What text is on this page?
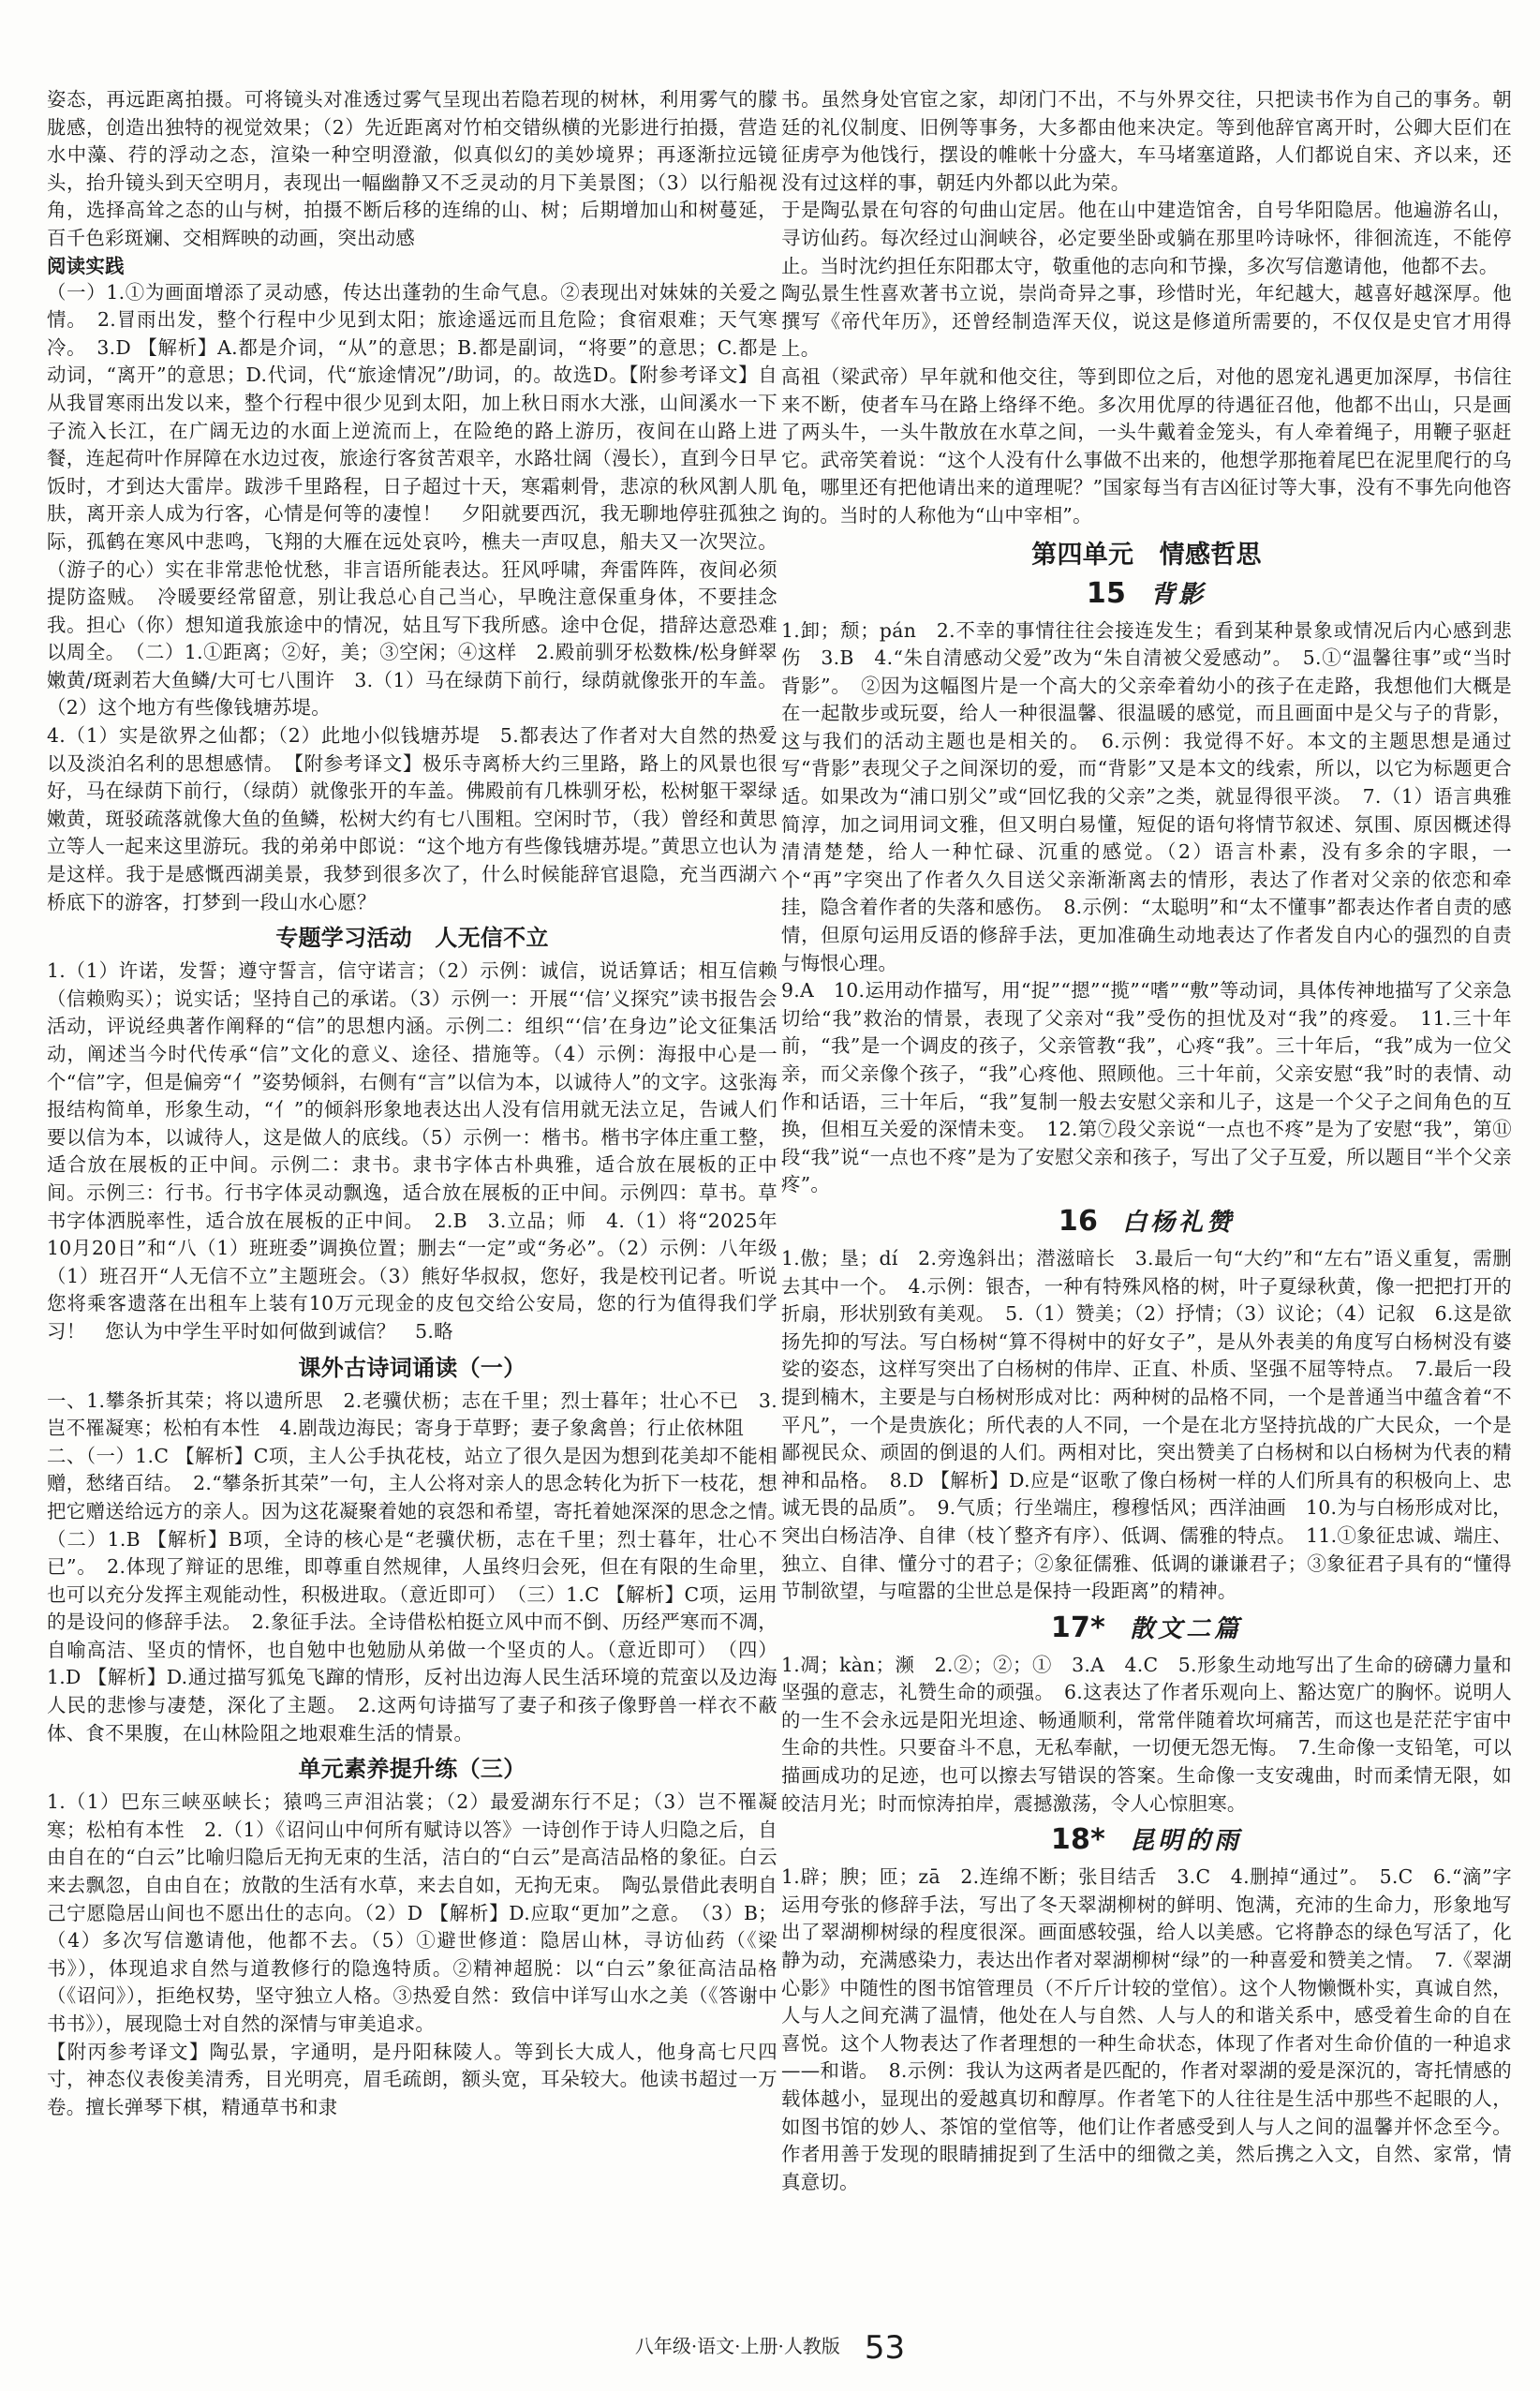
姿态，再远距离拍摄。可将镜头对准透过雾气呈现出若隐若现的树林，利用雾气的朦胧感，创造出独特的视觉效果；（2）先近距离对竹柏交错纵横的光影进行拍摄，营造水中藻、荇的浮动之态，渲染一种空明澄澈，似真似幻的美妙境界；再逐渐拉远镜头，抬升镜头到天空明月，表现出一幅幽静又不乏灵动的月下美景图；（3）以行船视角，选择高耸之态的山与树，拍摄不断后移的连绵的山、树；后期增加山和树蔓延，百千色彩斑斓、交相辉映的动画，突出动感

阅读实践

（一）1.①为画面增添了灵动感，传达出蓬勃的生命气息。②表现出对妹妹的关爱之情。　2.冒雨出发，整个行程中少见到太阳；旅途遥远而且危险；食宿艰难；天气寒冷。　3.D 【解析】A.都是介词，“从”的意思；B.都是副词，“将要”的意思；C.都是动词，“离开”的意思；D.代词，代“旅途情况”/助词，的。故选D。【附参考译文】自从我冒寒雨出发以来，整个行程中很少见到太阳，加上秋日雨水大涨，山间溪水一下子流入长江，在广阔无边的水面上逆流而上，在险绝的路上游历，夜间在山路上进餐，连起荷叶作屏障在水边过夜，旅途行客贫苦艰辛，水路壮阔（漫长），直到今日早饭时，才到达大雷岸。跋涉千里路程，日子超过十天，寒霜刺骨，悲凉的秋风割人肌肤，离开亲人成为行客，心情是何等的凄惶！　夕阳就要西沉，我无聊地停驻孤独之际，孤鹤在寒风中悲鸣，飞翔的大雁在远处哀吟，樵夫一声叹息，船夫又一次哭泣。（游子的心）实在非常悲怆忧愁，非言语所能表达。狂风呼啸，奔雷阵阵，夜间必须提防盗贼。　冷暖要经常留意，别让我总心自己当心，早晚注意保重身体，不要挂念我。担心（你）想知道我旅途中的情况，姑且写下我所感。途中仓促，措辞达意恐难以周全。　（二）1.①距离；②好，美；③空闲；④这样　2.殿前驯牙松数株/松身鲜翠嫩黄/斑剥若大鱼鳞/大可七八围许　3.（1）马在绿荫下前行，绿荫就像张开的车盖。（2）这个地方有些像钱塘苏堤。

4.（1）实是欲界之仙都；（2）此地小似钱塘苏堤　5.都表达了作者对大自然的热爱以及淡泊名利的思想感情。　【附参考译文】极乐寺离桥大约三里路，路上的风景也很好，马在绿荫下前行，（绿荫）就像张开的车盖。佛殿前有几株驯牙松，松树躯干翠绿嫩黄，斑驳疏落就像大鱼的鱼鳞，松树大约有七八围粗。空闲时节，（我）曾经和黄思立等人一起来这里游玩。我的弟弟中郎说：“这个地方有些像钱塘苏堤。”黄思立也认为是这样。我于是感慨西湖美景，我梦到很多次了，什么时候能辞官退隐，充当西湖六桥底下的游客，打梦到一段山水心愿？

专题学习活动　人无信不立

1.（1）许诺，发誓；遵守誓言，信守诺言；（2）示例：诚信，说话算话；相互信赖（信赖购买）；说实话；坚持自己的承诺。（3）示例一：开展“‘信’义探究”读书报告会活动，评说经典著作阐释的“信”的思想内涵。示例二：组织“‘信’在身边”论文征集活动，阐述当今时代传承“信”文化的意义、途径、措施等。（4）示例：海报中心是一个“信”字，但是偏旁“亻”姿势倾斜，右侧有“言”以信为本，以诚待人”的文字。这张海报结构简单，形象生动，“亻”的倾斜形象地表达出人没有信用就无法立足，告诫人们要以信为本，以诚待人，这是做人的底线。（5）示例一：楷书。楷书字体庄重工整，适合放在展板的正中间。示例二：隶书。隶书字体古朴典雅，适合放在展板的正中间。示例三：行书。行书字体灵动飘逸，适合放在展板的正中间。示例四：草书。草书字体洒脱率性，适合放在展板的正中间。　2.B　3.立品；师　4.（1）将“2025年10月20日”和“八（1）班班委”调换位置；删去“一定”或“务必”。（2）示例：八年级（1）班召开“人无信不立”主题班会。（3）熊好华叔叔，您好，我是校刊记者。听说您将乘客遗落在出租车上装有10万元现金的皮包交给公安局，您的行为值得我们学习！　您认为中学生平时如何做到诚信？　5.略

课外古诗词诵读（一）

一、1.攀条折其荣；将以遗所思　2.老骥伏枥；志在千里；烈士暮年；壮心不已　3.岂不罹凝寒；松柏有本性　4.剧哉边海民；寄身于草野；妻子象禽兽；行止依林阻

二、（一）1.C 【解析】C项，主人公手执花枝，站立了很久是因为想到花美却不能相赠，愁绪百结。　2.“攀条折其荣”一句，主人公将对亲人的思念转化为折下一枝花，想把它赠送给远方的亲人。因为这花凝聚着她的哀怨和希望，寄托着她深深的思念之情。　（二）1.B 【解析】B项，全诗的核心是“老骥伏枥，志在千里；烈士暮年，壮心不已”。　2.体现了辩证的思维，即尊重自然规律，人虽终归会死，但在有限的生命里，也可以充分发挥主观能动性，积极进取。（意近即可）　（三）1.C 【解析】C项，运用的是设问的修辞手法。　2.象征手法。全诗借松柏挺立风中而不倒、历经严寒而不凋，自喻高洁、坚贞的情怀，也自勉中也勉励从弟做一个坚贞的人。（意近即可）　（四）1.D 【解析】D.通过描写狐兔飞蹿的情形，反衬出边海人民生活环境的荒蛮以及边海人民的悲惨与凄楚，深化了主题。　2.这两句诗描写了妻子和孩子像野兽一样衣不蔽体、食不果腹，在山林险阻之地艰难生活的情景。

单元素养提升练（三）

1.（1）巴东三峡巫峡长；猿鸣三声泪沾裳；（2）最爱湖东行不足；（3）岂不罹凝寒；松柏有本性　2.（1）《诏问山中何所有赋诗以答》一诗创作于诗人归隐之后，自由自在的“白云”比喻归隐后无拘无束的生活，洁白的“白云”是高洁品格的象征。白云来去飘忽，自由自在；放散的生活有水草，来去自如，无拘无束。　陶弘景借此表明自己宁愿隐居山间也不愿出仕的志向。（2）D 【解析】D.应取“更加”之意。　（3）B；（4）多次写信邀请他，他都不去。（5）①避世修道：隐居山林，寻访仙药（《梁书》），体现追求自然与道教修行的隐逸特质。②精神超脱：以“白云”象征高洁品格（《诏问》），拒绝权势，坚守独立人格。③热爱自然：致信中详写山水之美（《答谢中书书》），展现隐士对自然的深情与审美追求。

【附丙参考译文】陶弘景，字通明，是丹阳秣陵人。等到长大成人，他身高七尺四寸，神态仪表俊美清秀，目光明亮，眉毛疏朗，额头宽，耳朵较大。他读书超过一万卷。擅长弹琴下棋，精通草书和隶

书。虽然身处官宦之家，却闭门不出，不与外界交往，只把读书作为自己的事务。朝廷的礼仪制度、旧例等事务，大多都由他来决定。等到他辞官离开时，公卿大臣们在征虏亭为他饯行，摆设的帷帐十分盛大，车马堵塞道路，人们都说自宋、齐以来，还没有过这样的事，朝廷内外都以此为荣。

于是陶弘景在句容的句曲山定居。他在山中建造馆舍，自号华阳隐居。他遍游名山，寻访仙药。每次经过山涧峡谷，必定要坐卧或躺在那里吟诗咏怀，徘徊流连，不能停止。当时沈约担任东阳郡太守，敬重他的志向和节操，多次写信邀请他，他都不去。

陶弘景生性喜欢著书立说，崇尚奇异之事，珍惜时光，年纪越大，越喜好越深厚。他撰写《帝代年历》，还曾经制造浑天仪，说这是修道所需要的，不仅仅是史官才用得上。

高祖（梁武帝）早年就和他交往，等到即位之后，对他的恩宠礼遇更加深厚，书信往来不断，使者车马在路上络绎不绝。多次用优厚的待遇征召他，他都不出山，只是画了两头牛，一头牛散放在水草之间，一头牛戴着金笼头，有人牵着绳子，用鞭子驱赶它。武帝笑着说：“这个人没有什么事做不出来的，他想学那拖着尾巴在泥里爬行的乌龟，哪里还有把他请出来的道理呢？”国家每当有吉凶征讨等大事，没有不事先向他咨询的。当时的人称他为“山中宰相”。

第四单元　情感哲思
15 背影

1.卸；颓；pán　2.不幸的事情往往会接连发生；看到某种景象或情况后内心感到悲伤　3.B　4.“朱自清感动父爱”改为“朱自清被父爱感动”。　5.①“温馨往事”或“当时背影”。　②因为这幅图片是一个高大的父亲牵着幼小的孩子在走路，我想他们大概是在一起散步或玩耍，给人一种很温馨、很温暖的感觉，而且画面中是父与子的背影，这与我们的活动主题也是相关的。　6.示例：我觉得不好。本文的主题思想是通过写“背影”表现父子之间深切的爱，而“背影”又是本文的线索，所以，以它为标题更合适。如果改为“浦口别父”或“回忆我的父亲”之类，就显得很平淡。　7.（1）语言典雅简淳，加之词用词文雅，但又明白易懂，短促的语句将情节叙述、氛围、原因概述得清清楚楚，给人一种忙碌、沉重的感觉。（2）语言朴素，没有多余的字眼，一个“再”字突出了作者久久目送父亲渐渐离去的情形，表达了作者对父亲的依恋和牵挂，隐含着作者的失落和感伤。　8.示例：“太聪明”和“太不懂事”都表达作者自责的感情，但原句运用反语的修辞手法，更加准确生动地表达了作者发自内心的强烈的自责与悔恨心理。

9.A　10.运用动作描写，用“捉”“摁”“揽”“嗜”“敷”等动词，具体传神地描写了父亲急切给“我”救治的情景，表现了父亲对“我”受伤的担忧及对“我”的疼爱。　11.三十年前，“我”是一个调皮的孩子，父亲管教“我”，心疼“我”。三十年后，“我”成为一位父亲，而父亲像个孩子，“我”心疼他、照顾他。三十年前，父亲安慰“我”时的表情、动作和话语，三十年后，“我”复制一般去安慰父亲和儿子，这是一个父子之间角色的互换，但相互关爱的深情未变。　12.第⑦段父亲说“一点也不疼”是为了安慰“我”，第⑪段“我”说“一点也不疼”是为了安慰父亲和孩子，写出了父子互爱，所以题目“半个父亲疼”。

16 白杨礼赞

1.傲；垦；dí　2.旁逸斜出；潜滋暗长　3.最后一句“大约”和“左右”语义重复，需删去其中一个。　4.示例：银杏，一种有特殊风格的树，叶子夏绿秋黄，像一把把打开的折扇，形状别致有美观。　5.（1）赞美；（2）抒情；（3）议论；（4）记叙　6.这是欲扬先抑的写法。写白杨树“算不得树中的好女子”，是从外表美的角度写白杨树没有婆娑的姿态，这样写突出了白杨树的伟岸、正直、朴质、坚强不屈等特点。　7.最后一段提到楠木，主要是与白杨树形成对比：两种树的品格不同，一个是普通当中蕴含着“不平凡”，一个是贵族化；所代表的人不同，一个是在北方坚持抗战的广大民众，一个是鄙视民众、顽固的倒退的人们。两相对比，突出赞美了白杨树和以白杨树为代表的精神和品格。　8.D 【解析】D.应是“讴歌了像白杨树一样的人们所具有的积极向上、忠诚无畏的品质”。　9.气质；行坐端庄，穆穆恬风；西洋油画　10.为与白杨形成对比，突出白杨洁净、自律（枝丫整齐有序）、低调、儒雅的特点。　11.①象征忠诚、端庄、独立、自律、懂分寸的君子；②象征儒雅、低调的谦谦君子；③象征君子具有的“懂得节制欲望，与喧嚣的尘世总是保持一段距离”的精神。

17* 散文二篇

1.凋；kàn；濒　2.②；②；①　3.A　4.C　5.形象生动地写出了生命的磅礴力量和坚强的意志，礼赞生命的顽强。　6.这表达了作者乐观向上、豁达宽广的胸怀。说明人的一生不会永远是阳光坦途、畅通顺利，常常伴随着坎坷痛苦，而这也是茫茫宇宙中生命的共性。只要奋斗不息，无私奉献，一切便无怨无悔。　7.生命像一支铅笔，可以描画成功的足迹，也可以擦去写错误的答案。生命像一支安魂曲，时而柔情无限，如皎洁月光；时而惊涛拍岸，震撼激荡，令人心惊胆寒。

18* 昆明的雨

1.辟；腴；匝；zā　2.连绵不断；张目结舌　3.C　4.删掉“通过”。　5.C　6.“滴”字运用夸张的修辞手法，写出了冬天翠湖柳树的鲜明、饱满，充沛的生命力，形象地写出了翠湖柳树绿的程度很深。画面感较强，给人以美感。它将静态的绿色写活了，化静为动，充满感染力，表达出作者对翠湖柳树“绿”的一种喜爱和赞美之情。　7.《翠湖心影》中随性的图书馆管理员（不斤斤计较的堂倌）。这个人物懒慨朴实，真诚自然，人与人之间充满了温情，他处在人与自然、人与人的和谐关系中，感受着生命的自在喜悦。这个人物表达了作者理想的一种生命状态，体现了作者对生命价值的一种追求——和谐。　8.示例：我认为这两者是匹配的，作者对翠湖的爱是深沉的，寄托情感的载体越小，显现出的爱越真切和醇厚。作者笔下的人往往是生活中那些不起眼的人，如图书馆的妙人、茶馆的堂倌等，他们让作者感受到人与人之间的温馨并怀念至今。作者用善于发现的眼睛捕捉到了生活中的细微之美，然后携之入文，自然、家常，情真意切。

八年级·语文·上册·人教版 53
